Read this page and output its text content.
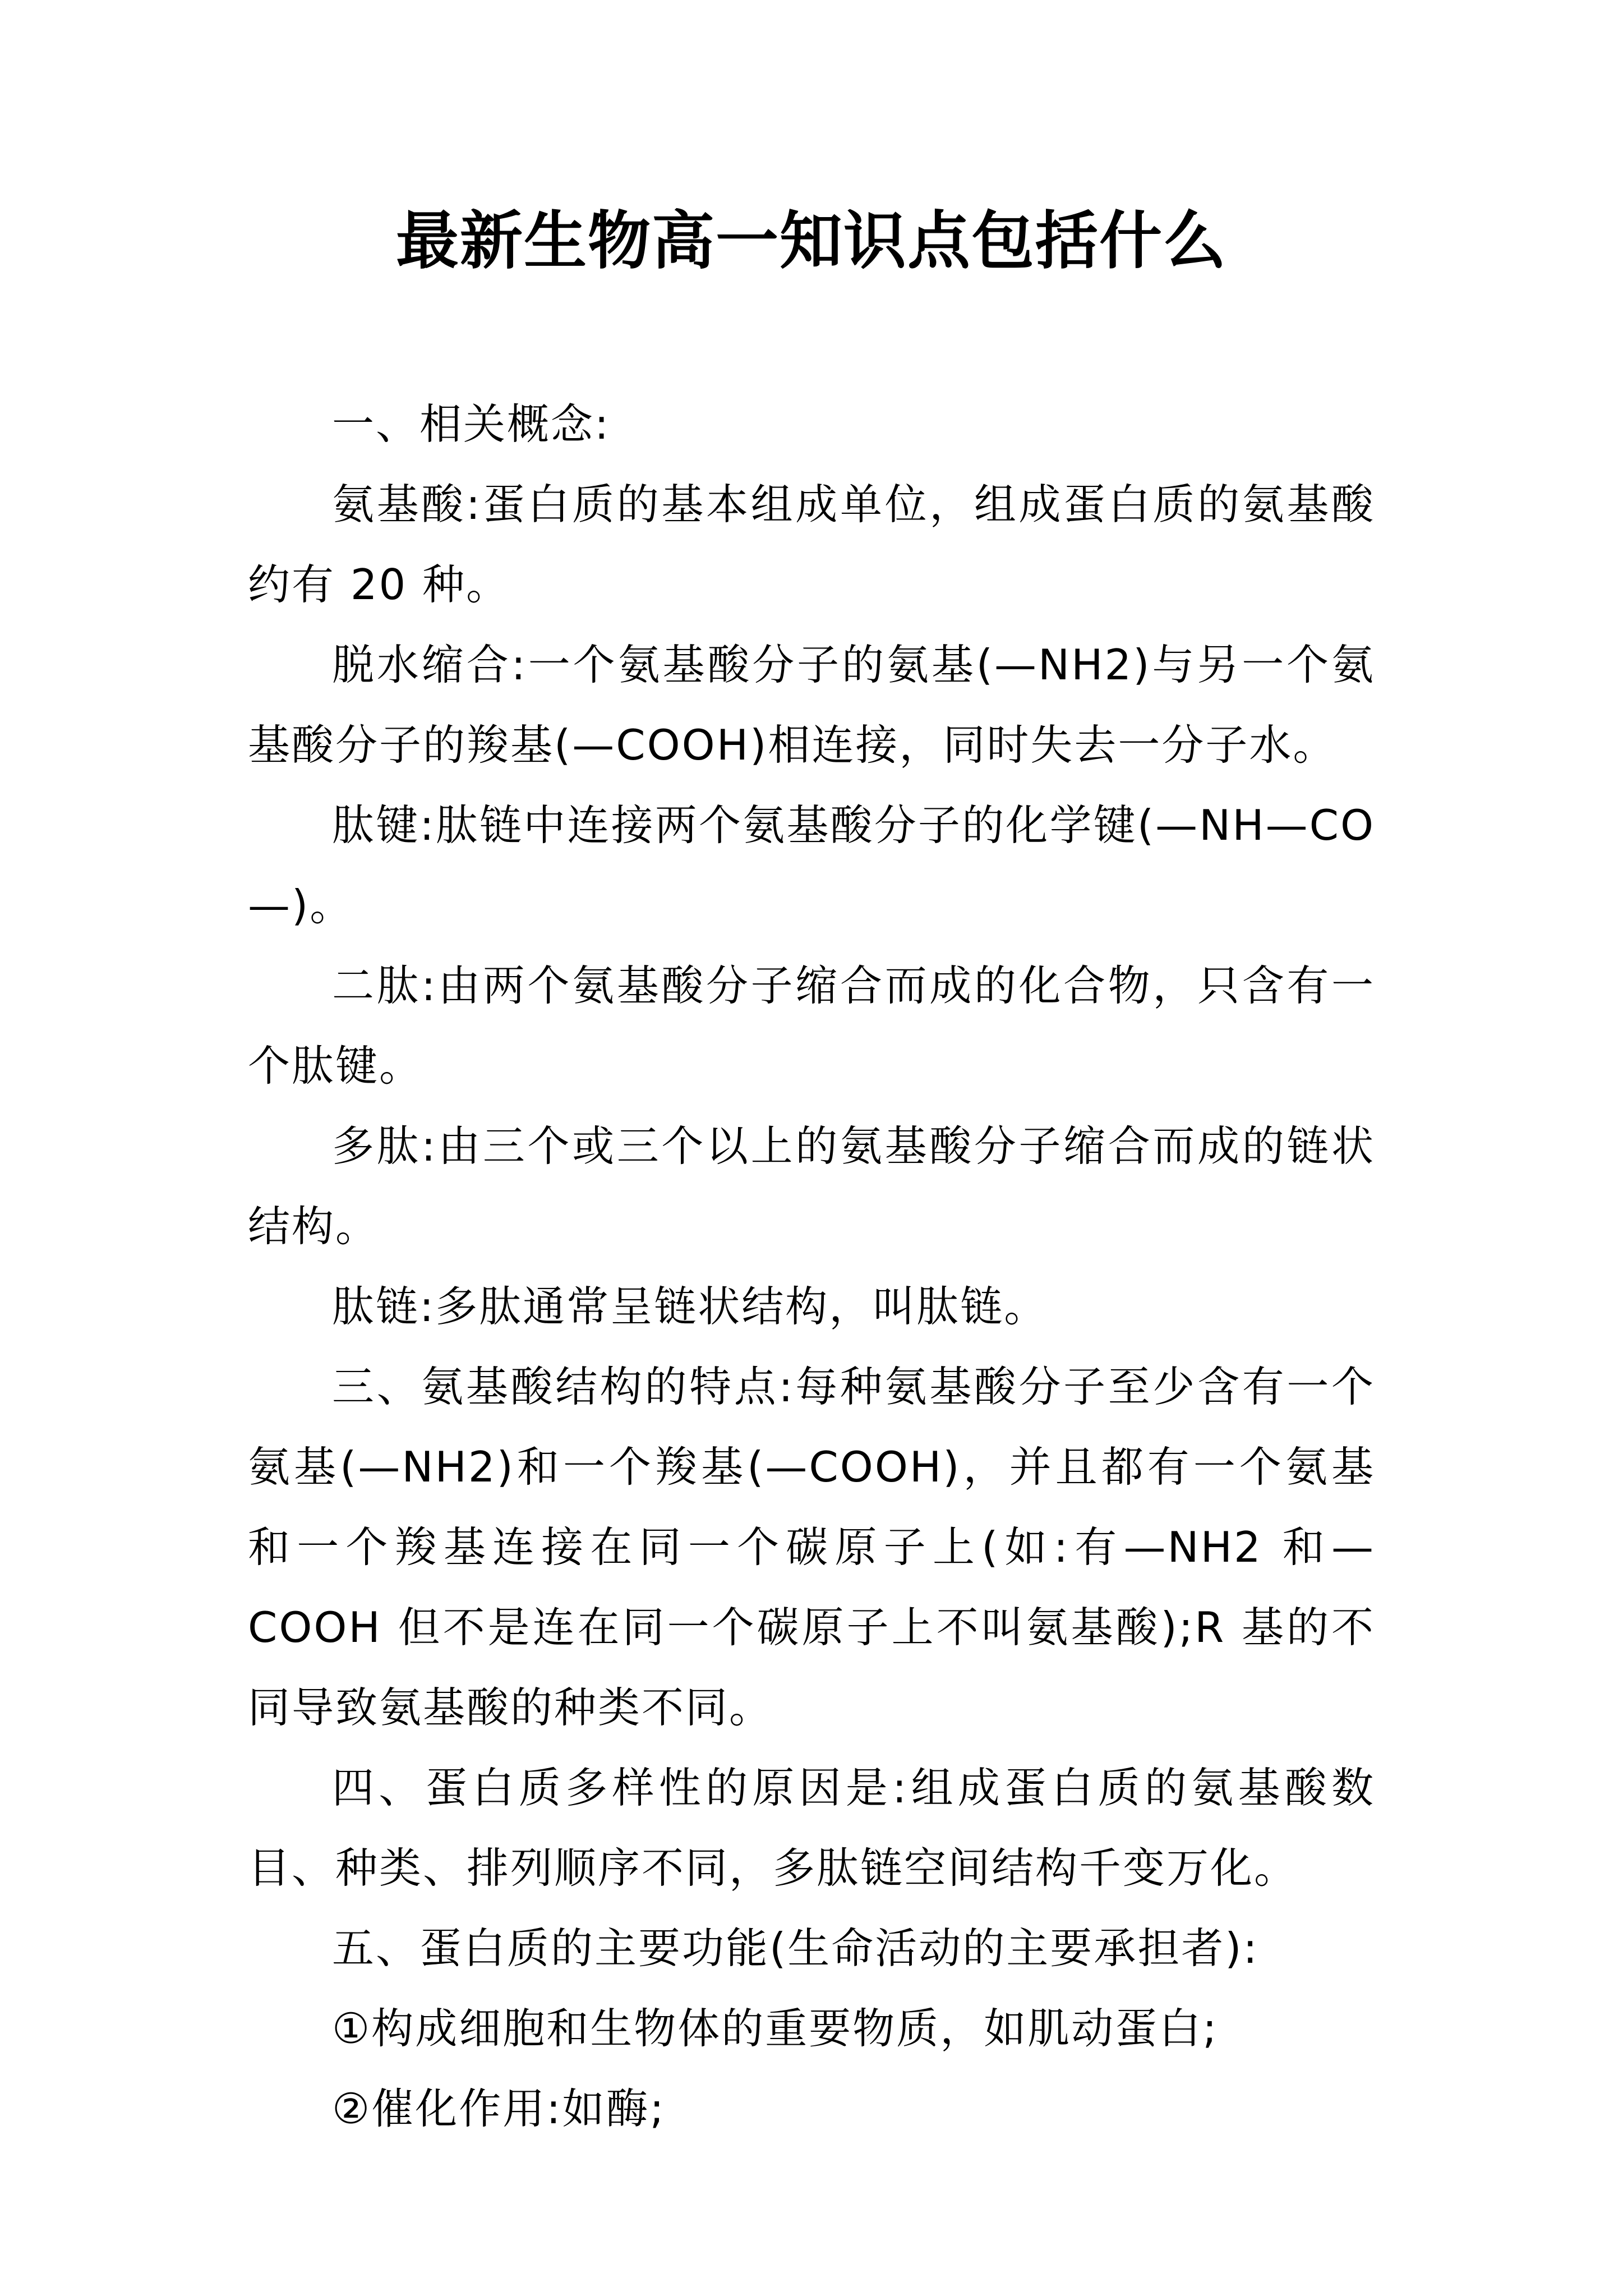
最新生物高一知识点包括什么

一、相关概念:

氨基酸:蛋白质的基本组成单位，组成蛋白质的氨基酸约有 20 种。

脱水缩合:一个氨基酸分子的氨基(—NH2)与另一个氨基酸分子的羧基(—COOH)相连接，同时失去一分子水。

肽键:肽链中连接两个氨基酸分子的化学键(—NH—CO—)。

二肽:由两个氨基酸分子缩合而成的化合物，只含有一个肽键。

多肽:由三个或三个以上的氨基酸分子缩合而成的链状结构。

肽链:多肽通常呈链状结构，叫肽链。

三、氨基酸结构的特点:每种氨基酸分子至少含有一个氨基(—NH2)和一个羧基(—COOH)，并且都有一个氨基和一个羧基连接在同一个碳原子上(如:有—NH2 和—COOH 但不是连在同一个碳原子上不叫氨基酸);R 基的不同导致氨基酸的种类不同。

四、蛋白质多样性的原因是:组成蛋白质的氨基酸数目、种类、排列顺序不同，多肽链空间结构千变万化。

五、蛋白质的主要功能(生命活动的主要承担者):

①构成细胞和生物体的重要物质，如肌动蛋白;

②催化作用:如酶;
